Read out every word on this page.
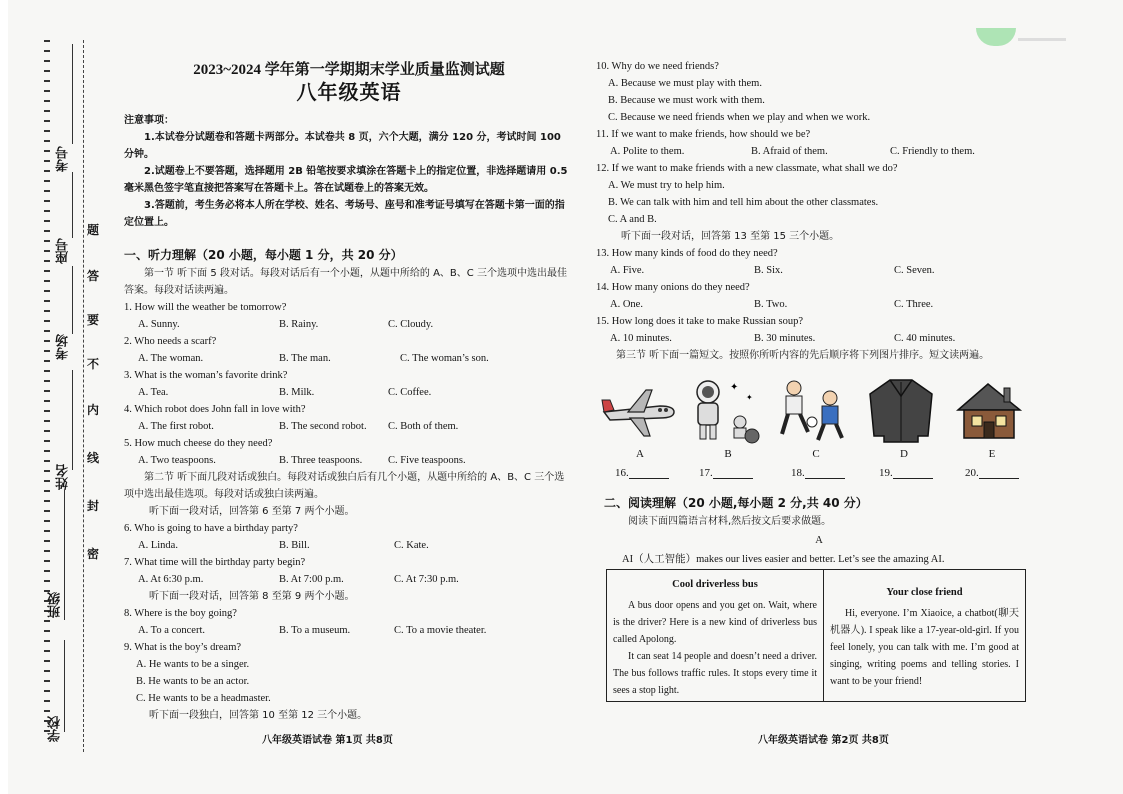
学校
班级
姓名
考场
座号
考号
题
答
要
不
内
线
封
密
2023~2024 学年第一学期期末学业质量监测试题
八年级英语
注意事项：

1.本试卷分试题卷和答题卡两部分。本试卷共 8 页，六个大题，满分 120 分，考试时间 100 分钟。

2.试题卷上不要答题，选择题用 2B 铅笔按要求填涂在答题卡上的指定位置，非选择题请用 0.5 毫米黑色签字笔直接把答案写在答题卡上。答在试题卷上的答案无效。

3.答题前，考生务必将本人所在学校、姓名、考场号、座号和准考证号填写在答题卡第一面的指定位置上。

一、听力理解（20 小题，每小题 1 分，共 20 分）

第一节 听下面 5 段对话。每段对话后有一个小题，从题中所给的 A、B、C 三个选项中选出最佳答案。每段对话读两遍。

1. How will the weather be tomorrow?

A. Sunny.	B. Rainy.	C. Cloudy.

2. Who needs a scarf?

A. The woman.	B. The man.	C. The woman’s son.

3. What is the woman’s favorite drink?

A. Tea.	B. Milk.	C. Coffee.

4. Which robot does John fall in love with?

A. The first robot.	B. The second robot. C. Both of them.

5. How much cheese do they need?

A. Two teaspoons.	B. Three teaspoons. C. Five teaspoons.

第二节 听下面几段对话或独白。每段对话或独白后有几个小题，从题中所给的 A、B、C 三个选项中选出最佳选项。每段对话或独白读两遍。

听下面一段对话，回答第 6 至第 7 两个小题。

6. Who is going to have a birthday party?

A. Linda.	B. Bill.	C. Kate.

7. What time will the birthday party begin?

A. At 6:30 p.m.	B. At 7:00 p.m.	C. At 7:30 p.m.

听下面一段对话，回答第 8 至第 9 两个小题。

8. Where is the boy going?

A. To a concert.	B. To a museum.	C. To a movie theater.

9. What is the boy’s dream?

A. He wants to be a singer.

B. He wants to be an actor.

C. He wants to be a headmaster.

听下面一段独白，回答第 10 至第 12 三个小题。

10. Why do we need friends?

A. Because we must play with them.

B. Because we must work with them.

C. Because we need friends when we play and when we work.

11. If we want to make friends, how should we be?

A. Polite to them.	B. Afraid of them.	C. Friendly to them.

12. If we want to make friends with a new classmate, what shall we do?

A. We must try to help him.

B. We can talk with him and tell him about the other classmates.

C. A and B.

听下面一段对话，回答第 13 至第 15 三个小题。

13. How many kinds of food do they need?

A. Five.	B. Six.	C. Seven.

14. How many onions do they need?

A. One.	B. Two.	C. Three.

15. How long does it take to make Russian soup?

A. 10 minutes.	B. 30 minutes.	C. 40 minutes.

第三节 听下面一篇短文。按照你所听内容的先后顺序将下列图片排序。短文读两遍。

A
✦
✦
B	C	D	E
16.	17.	18.	19.	20.
二、阅读理解（20 小题,每小题 2 分,共 40 分）

阅读下面四篇语言材料,然后按文后要求做题。

A
AI（人工智能）makes our lives easier and better. Let’s see the amazing AI.
Cool driverless bus

A bus door opens and you get on. Wait, where is the driver? Here is a new kind of driverless bus called Apolong.

It can seat 14 people and doesn’t need a driver. The bus follows traffic rules. It stops every time it sees a stop light.

Your close friend

Hi, everyone. I’m Xiaoice, a chatbot(聊天机器人). I speak like a 17-year-old-girl. If you feel lonely, you can talk with me. I’m good at singing, writing poems and telling stories. I want to be your friend!

八年级英语试卷 第1页 共8页	八年级英语试卷 第2页 共8页
